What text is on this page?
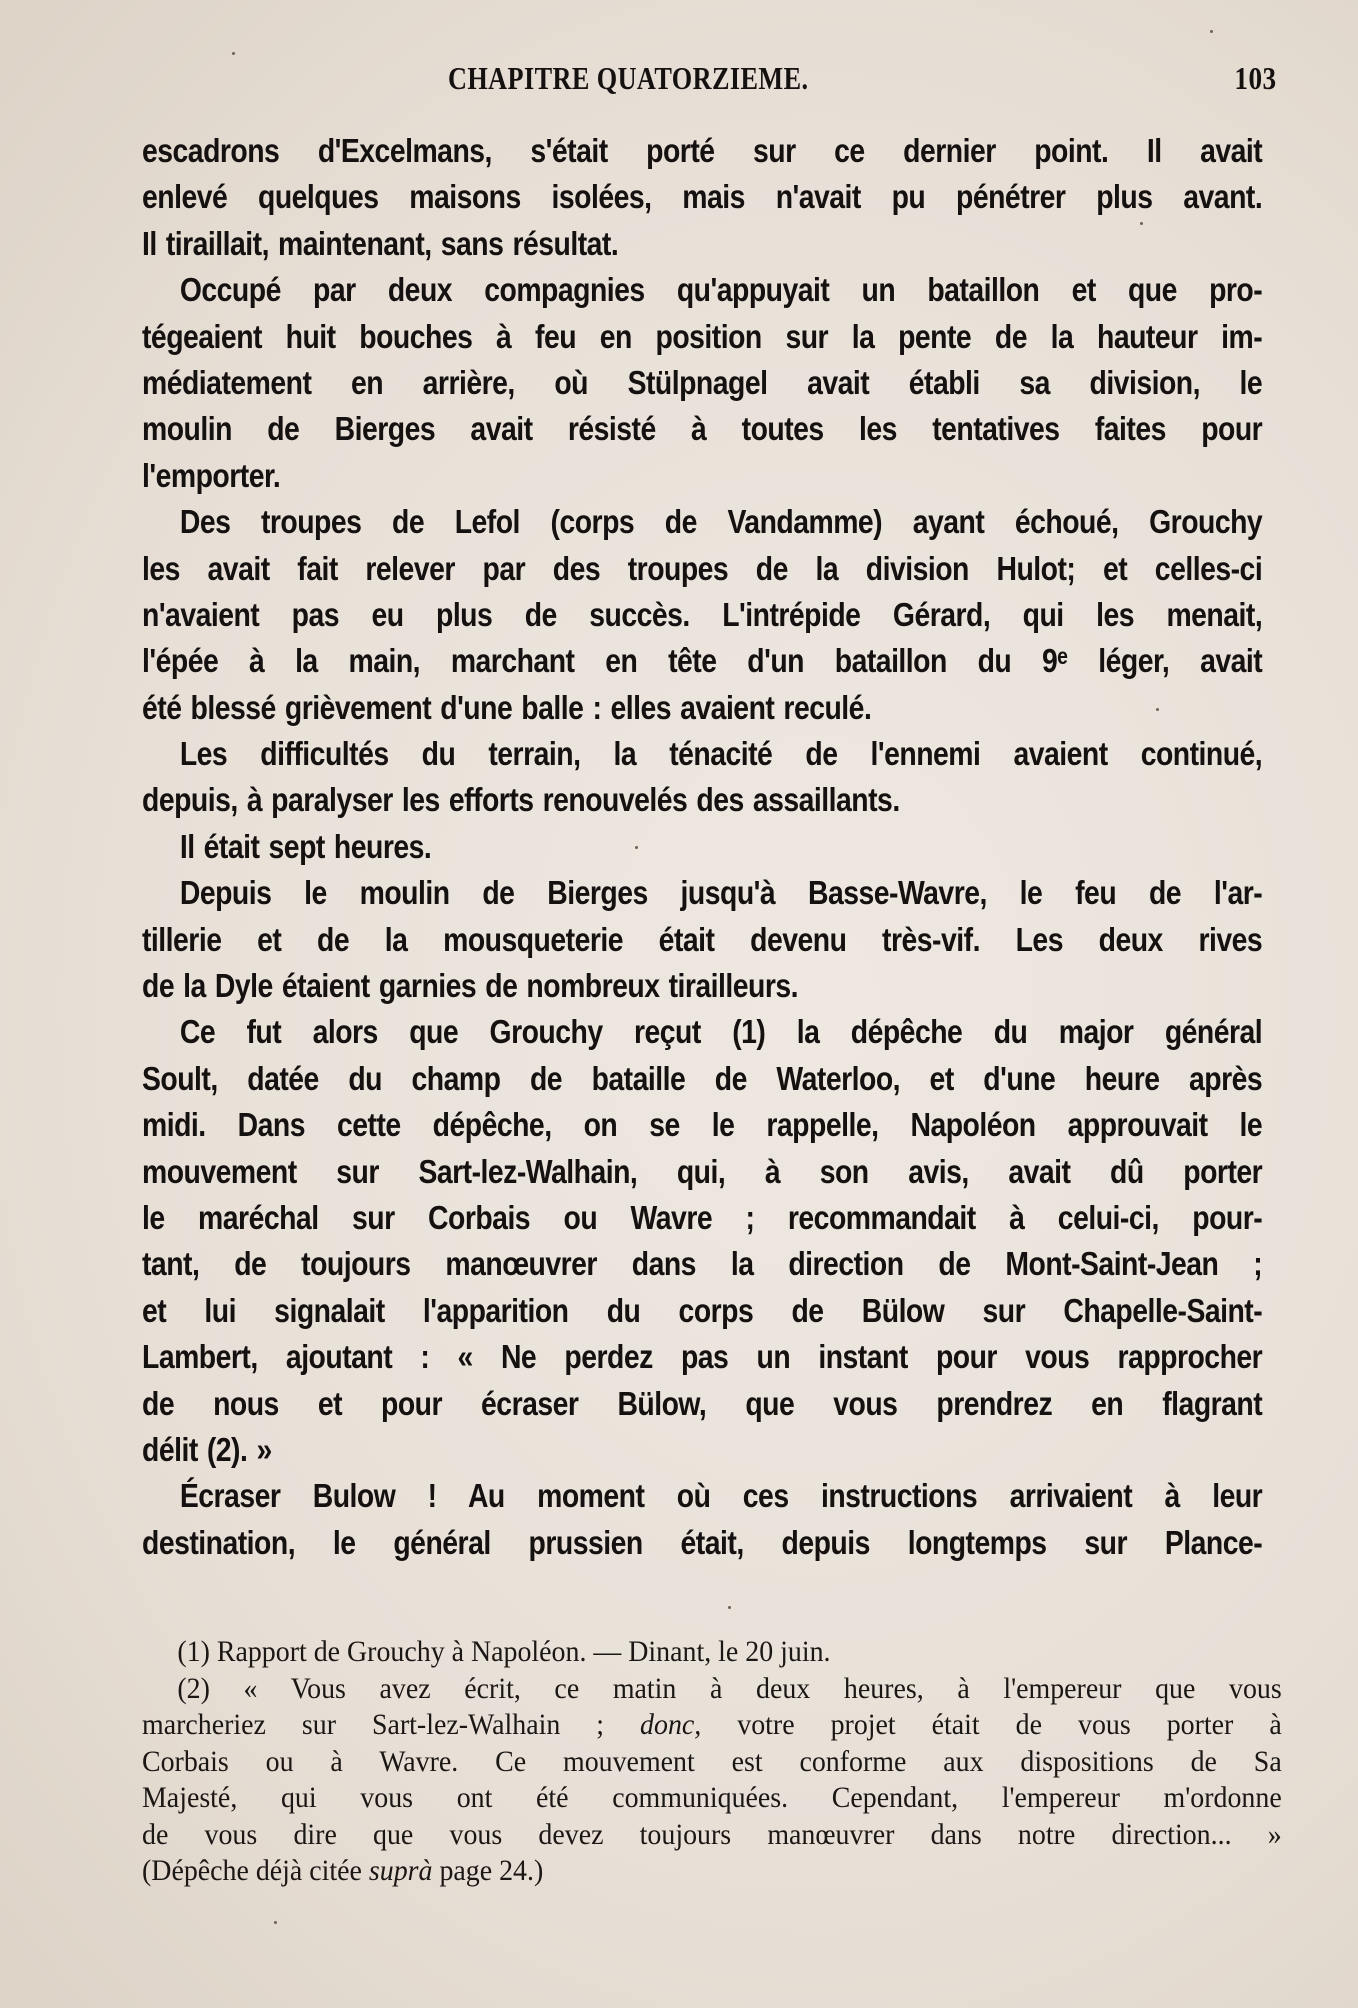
CHAPITRE QUATORZIEME.	103
escadrons d'Excelmans, s'était porté sur ce dernier point. Il avait
enlevé quelques maisons isolées, mais n'avait pu pénétrer plus avant.
Il tiraillait, maintenant, sans résultat.
Occupé par deux compagnies qu'appuyait un bataillon et que pro-
tégeaient huit bouches à feu en position sur la pente de la hauteur im-
médiatement en arrière, où Stülpnagel avait établi sa division, le
moulin de Bierges avait résisté à toutes les tentatives faites pour
l'emporter.
Des troupes de Lefol (corps de Vandamme) ayant échoué, Grouchy
les avait fait relever par des troupes de la division Hulot; et celles-ci
n'avaient pas eu plus de succès. L'intrépide Gérard, qui les menait,
l'épée à la main, marchant en tête d'un bataillon du 9ᵉ léger, avait
été blessé grièvement d'une balle : elles avaient reculé.
Les difficultés du terrain, la ténacité de l'ennemi avaient continué,
depuis, à paralyser les efforts renouvelés des assaillants.
Il était sept heures.
Depuis le moulin de Bierges jusqu'à Basse-Wavre, le feu de l'ar-
tillerie et de la mousqueterie était devenu très-vif. Les deux rives
de la Dyle étaient garnies de nombreux tirailleurs.
Ce fut alors que Grouchy reçut (1) la dépêche du major général
Soult, datée du champ de bataille de Waterloo, et d'une heure après
midi. Dans cette dépêche, on se le rappelle, Napoléon approuvait le
mouvement sur Sart-lez-Walhain, qui, à son avis, avait dû porter
le maréchal sur Corbais ou Wavre ; recommandait à celui-ci, pour-
tant, de toujours manœuvrer dans la direction de Mont-Saint-Jean ;
et lui signalait l'apparition du corps de Bülow sur Chapelle-Saint-
Lambert, ajoutant : « Ne perdez pas un instant pour vous rapprocher
de nous et pour écraser Bülow, que vous prendrez en flagrant
délit (2). »
Écraser Bulow ! Au moment où ces instructions arrivaient à leur
destination, le général prussien était, depuis longtemps sur Plance-
(1) Rapport de Grouchy à Napoléon. — Dinant, le 20 juin.
(2) « Vous avez écrit, ce matin à deux heures, à l'empereur que vous
marcheriez sur Sart-lez-Walhain ; donc, votre projet était de vous porter à
Corbais ou à Wavre. Ce mouvement est conforme aux dispositions de Sa
Majesté, qui vous ont été communiquées. Cependant, l'empereur m'ordonne
de vous dire que vous devez toujours manœuvrer dans notre direction... »
(Dépêche déjà citée suprà page 24.)
